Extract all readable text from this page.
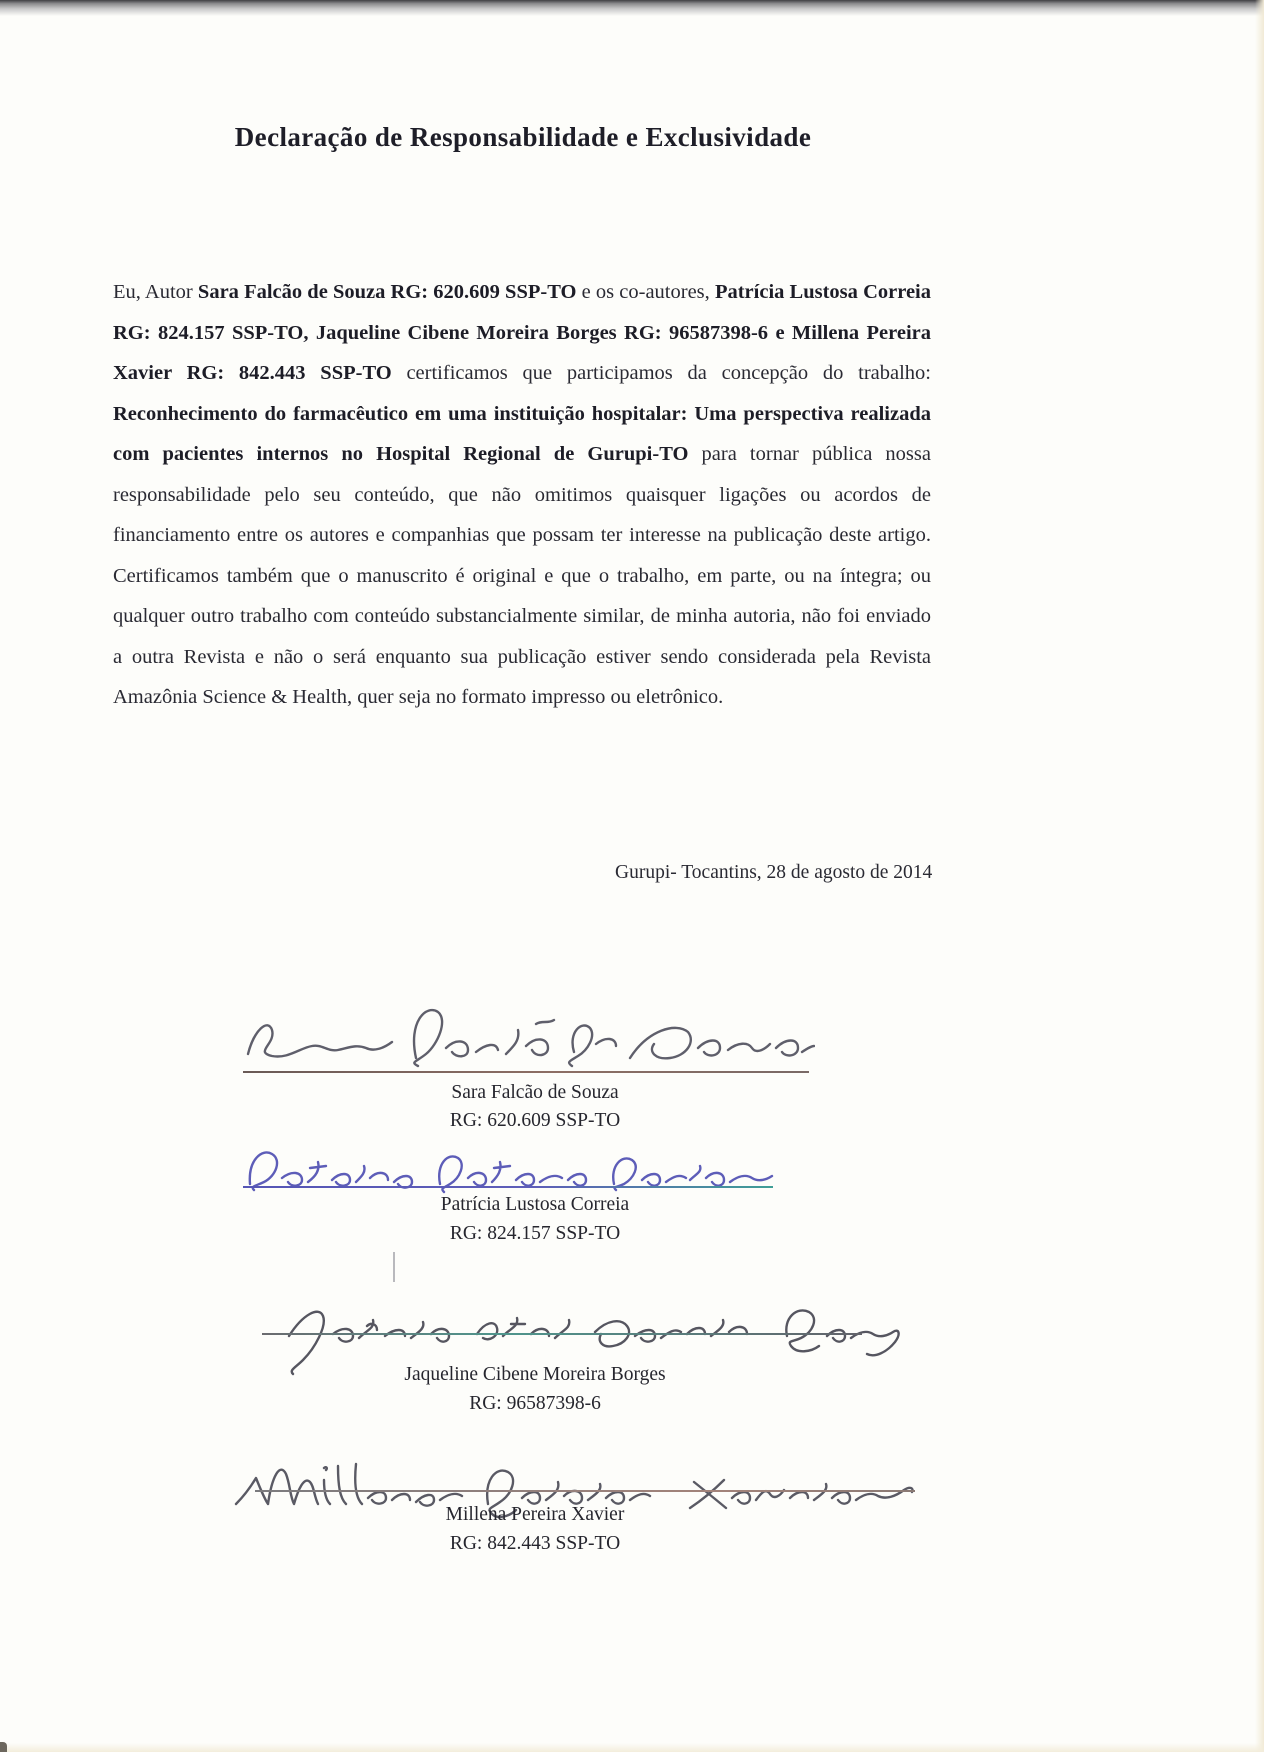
Declaração de Responsabilidade e Exclusividade

Eu, Autor Sara Falcão de Souza RG: 620.609 SSP-TO e os co-autores, Patrícia Lustosa Correia RG: 824.157 SSP-TO, Jaqueline Cibene Moreira Borges RG: 96587398-6 e Millena Pereira Xavier RG: 842.443 SSP-TO certificamos que participamos da concepção do trabalho: Reconhecimento do farmacêutico em uma instituição hospitalar: Uma perspectiva realizada com pacientes internos no Hospital Regional de Gurupi-TO para tornar pública nossa responsabilidade pelo seu conteúdo, que não omitimos quaisquer ligações ou acordos de financiamento entre os autores e companhias que possam ter interesse na publicação deste artigo. Certificamos também que o manuscrito é original e que o trabalho, em parte, ou na íntegra; ou qualquer outro trabalho com conteúdo substancialmente similar, de minha autoria, não foi enviado a outra Revista e não o será enquanto sua publicação estiver sendo considerada pela Revista Amazônia Science & Health, quer seja no formato impresso ou eletrônico.

Gurupi- Tocantins, 28 de agosto de 2014
Sara Falcão de Souza
RG: 620.609 SSP-TO
Patrícia Lustosa Correia
RG: 824.157 SSP-TO
Jaqueline Cibene Moreira Borges
RG: 96587398-6
Millena Pereira Xavier
RG: 842.443 SSP-TO
